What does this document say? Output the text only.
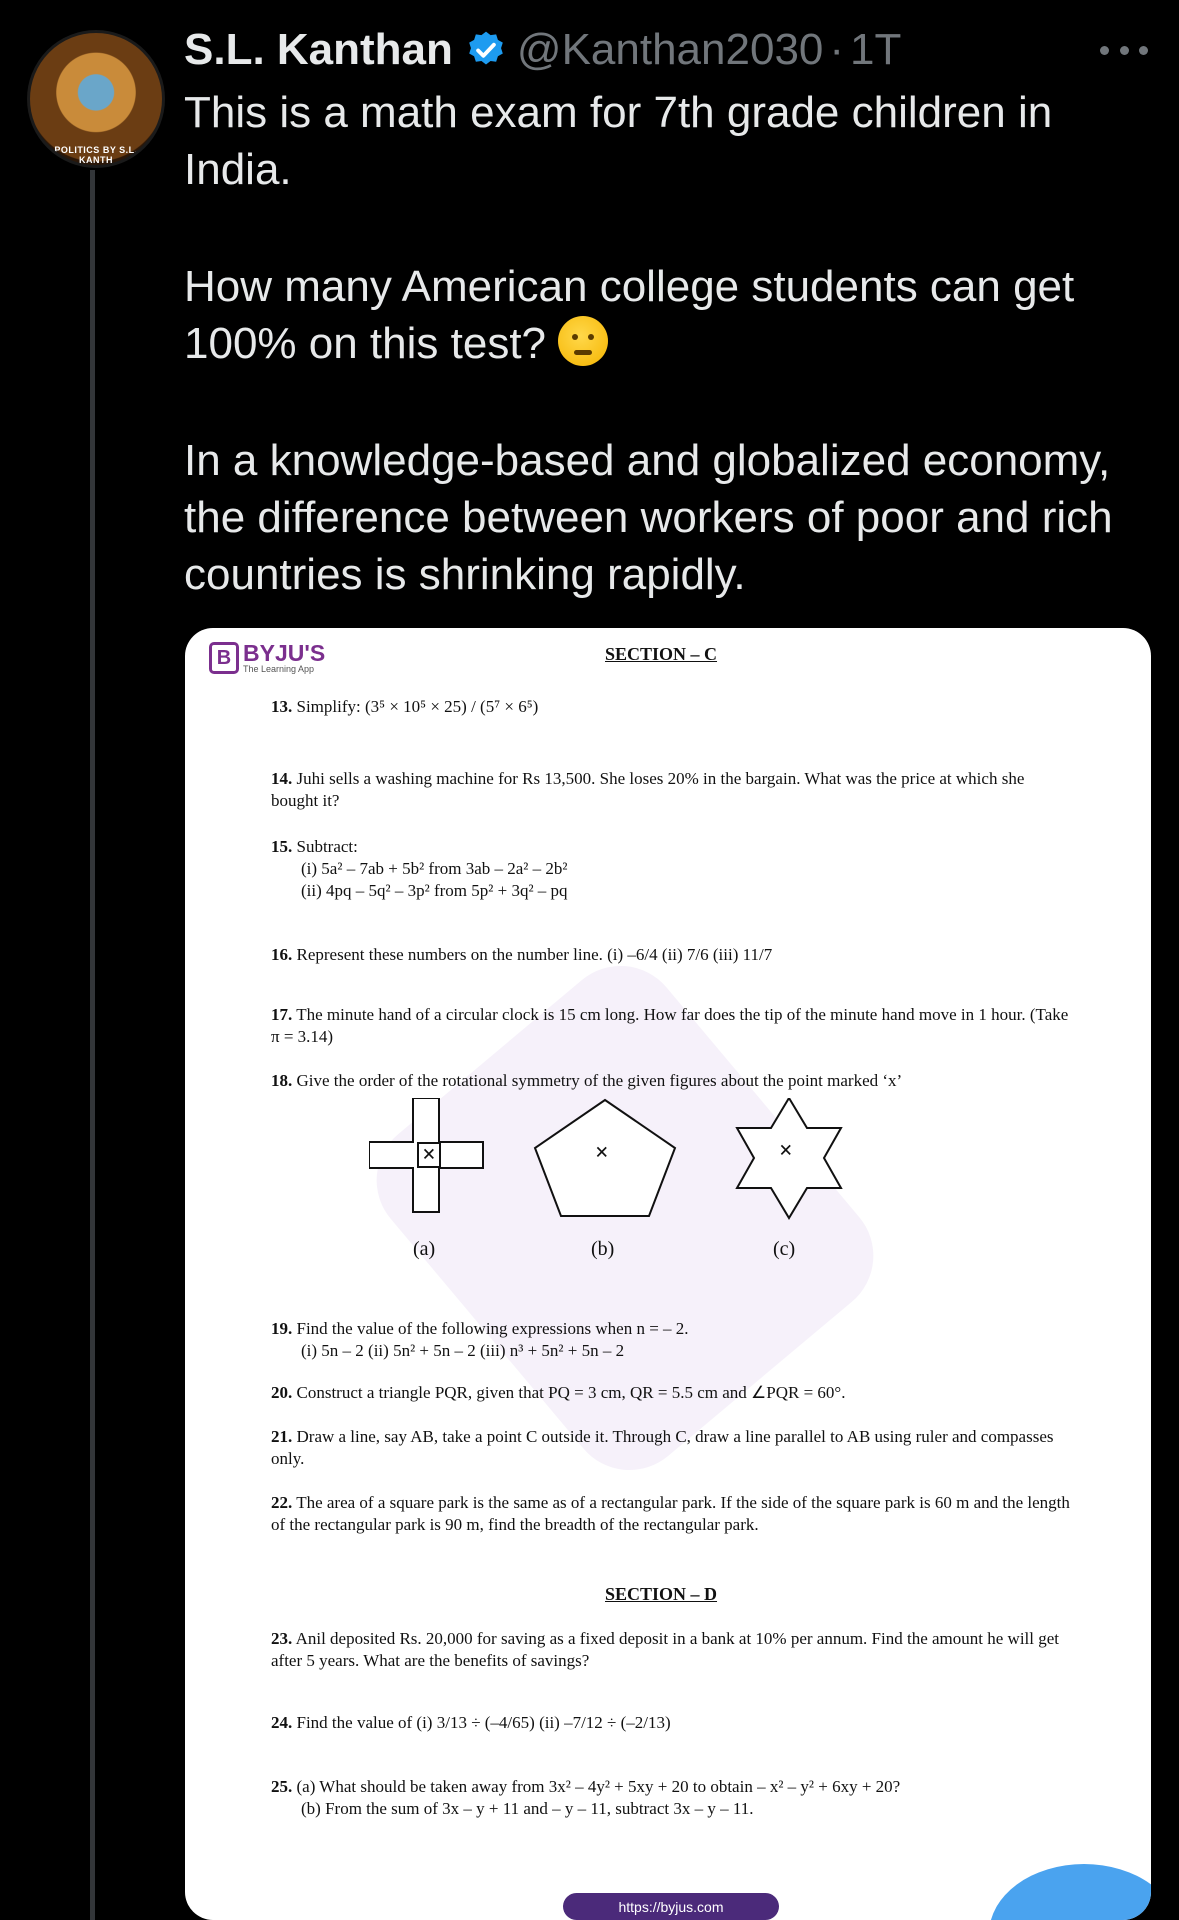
POLITICS BY S.L. KANTH
S.L. Kanthan @Kanthan2030 · 1T

This is a math exam for 7th grade children in India.

How many American college students can get 100% on this test?

In a knowledge-based and globalized economy, the difference between workers of poor and rich countries is shrinking rapidly.

B BYJU'S
The Learning App
SECTION – C
13. Simplify: (3⁵ × 10⁵ × 25) / (5⁷ × 6⁵)
14. Juhi sells a washing machine for Rs 13,500. She loses 20% in the bargain. What was the price at which she bought it?
15. Subtract:
(i) 5a² – 7ab + 5b² from 3ab – 2a² – 2b²
(ii) 4pq – 5q² – 3p² from 5p² + 3q² – pq
16. Represent these numbers on the number line. (i) –6/4 (ii) 7/6 (iii) 11/7
17. The minute hand of a circular clock is 15 cm long. How far does the tip of the minute hand move in 1 hour. (Take π = 3.14)
18. Give the order of the rotational symmetry of the given figures about the point marked ‘x’
×	×	×
(a)	(b)	(c)
19. Find the value of the following expressions when n = – 2.
(i) 5n – 2 (ii) 5n² + 5n – 2 (iii) n³ + 5n² + 5n – 2
20. Construct a triangle PQR, given that PQ = 3 cm, QR = 5.5 cm and ∠PQR = 60°.
21. Draw a line, say AB, take a point C outside it. Through C, draw a line parallel to AB using ruler and compasses only.
22. The area of a square park is the same as of a rectangular park. If the side of the square park is 60 m and the length of the rectangular park is 90 m, find the breadth of the rectangular park.
SECTION – D
23. Anil deposited Rs. 20,000 for saving as a fixed deposit in a bank at 10% per annum. Find the amount he will get after 5 years. What are the benefits of savings?
24. Find the value of (i) 3/13 ÷ (–4/65) (ii) –7/12 ÷ (–2/13)
25. (a) What should be taken away from 3x² – 4y² + 5xy + 20 to obtain – x² – y² + 6xy + 20?
(b) From the sum of 3x – y + 11 and – y – 11, subtract 3x – y – 11.
https://byjus.com
